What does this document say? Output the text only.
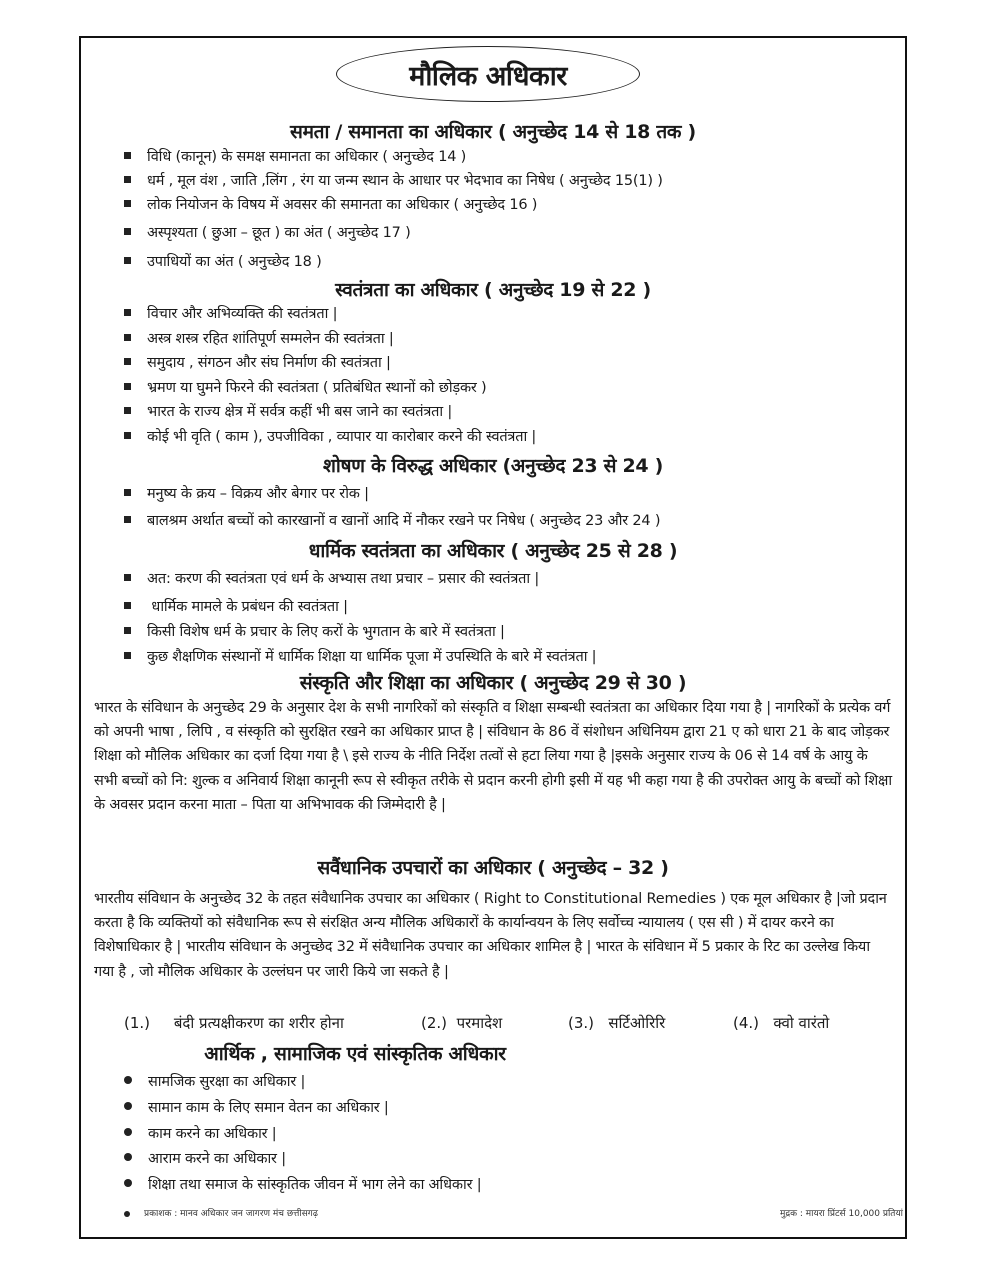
मौलिक अधिकार
समता / समानता का अधिकार ( अनुच्छेद 14 से 18 तक )
विधि (कानून) के समक्ष समानता का अधिकार ( अनुच्छेद 14 )
धर्म , मूल वंश , जाति ,लिंग , रंग या जन्म स्थान के आधार पर भेदभाव का निषेध ( अनुच्छेद 15(1) )
लोक नियोजन के विषय में अवसर की समानता का अधिकार ( अनुच्छेद 16 )
अस्पृश्यता ( छुआ – छूत ) का अंत ( अनुच्छेद 17 )
उपाधियों का अंत ( अनुच्छेद 18 )
स्वतंत्रता का अधिकार ( अनुच्छेद 19 से 22 )
विचार और अभिव्यक्ति की स्वतंत्रता |
अस्त्र शस्त्र रहित शांतिपूर्ण सम्मलेन की स्वतंत्रता |
समुदाय , संगठन और संघ निर्माण की स्वतंत्रता |
भ्रमण या घुमने फिरने की स्वतंत्रता ( प्रतिबंधित स्थानों को छोड़कर )
भारत के राज्य क्षेत्र में सर्वत्र कहीं भी बस जाने का स्वतंत्रता |
कोई भी वृति ( काम ), उपजीविका , व्यापार या कारोबार करने की स्वतंत्रता |
शोषण के विरुद्ध अधिकार (अनुच्छेद 23 से 24 )
मनुष्य के क्रय – विक्रय और बेगार पर रोक |
बालश्रम अर्थात बच्चों को कारखानों व खानों आदि में नौकर रखने पर निषेध ( अनुच्छेद 23 और 24 )
धार्मिक स्वतंत्रता का अधिकार ( अनुच्छेद 25 से 28 )
अत: करण की स्वतंत्रता एवं धर्म के अभ्यास तथा प्रचार – प्रसार की स्वतंत्रता |
धार्मिक मामले के प्रबंधन की स्वतंत्रता |
किसी विशेष धर्म के प्रचार के लिए करों के भुगतान के बारे में स्वतंत्रता |
कुछ शैक्षणिक संस्थानों में धार्मिक शिक्षा या धार्मिक पूजा में उपस्थिति के बारे में स्वतंत्रता |
संस्कृति और शिक्षा का अधिकार ( अनुच्छेद 29 से 30 )
भारत के संविधान के अनुच्छेद 29 के अनुसार देश के सभी नागरिकों को संस्कृति व शिक्षा सम्बन्धी स्वतंत्रता का अधिकार दिया गया है | नागरिकों के प्रत्येक वर्ग को अपनी भाषा , लिपि , व संस्कृति को सुरक्षित रखने का अधिकार प्राप्त है | संविधान के 86 वें संशोधन अधिनियम द्वारा 21 ए को धारा 21 के बाद जोड़कर शिक्षा को मौलिक अधिकार का दर्जा दिया गया है \ इसे राज्य के नीति निर्देश तत्वों से हटा लिया गया है |इसके अनुसार राज्य के 06 से 14 वर्ष के आयु के सभी बच्चों को नि: शुल्क व अनिवार्य शिक्षा कानूनी रूप से स्वीकृत तरीके से प्रदान करनी होगी इसी में यह भी कहा गया है की उपरोक्त आयु के बच्चों को शिक्षा के अवसर प्रदान करना माता – पिता या अभिभावक की जिम्मेदारी है |
सवैंधानिक उपचारों का अधिकार ( अनुच्छेद – 32 )
भारतीय संविधान के अनुच्छेद 32 के तहत संवैधानिक उपचार का अधिकार ( Right to Constitutional Remedies ) एक मूल अधिकार है |जो प्रदान करता है कि व्यक्तियों को संवैधानिक रूप से संरक्षित अन्य मौलिक अधिकारों के कार्यान्वयन के लिए सर्वोच्च न्यायालय ( एस सी ) में दायर करने का विशेषाधिकार है | भारतीय संविधान के अनुच्छेद 32 में संवैधानिक उपचार का अधिकार शामिल है | भारत के संविधान में 5 प्रकार के रिट का उल्लेख किया गया है , जो मौलिक अधिकार के उल्लंघन पर जारी किये जा सकते है |
(1.) बंदी प्रत्यक्षीकरण का शरीर होना	(2.) परमादेश	(3.) सर्टिओरिरि	(4.) क्वो वारंतो
आर्थिक , सामाजिक एवं सांस्कृतिक अधिकार
सामजिक सुरक्षा का अधिकार |
सामान काम के लिए समान वेतन का अधिकार |
काम करने का अधिकार |
आराम करने का अधिकार |
शिक्षा तथा समाज के सांस्कृतिक जीवन में भाग लेने का अधिकार |
प्रकाशक : मानव अधिकार जन जागरण मंच छत्तीसगढ़	मुद्रक : मायरा प्रिंटर्स 10,000 प्रतियां
